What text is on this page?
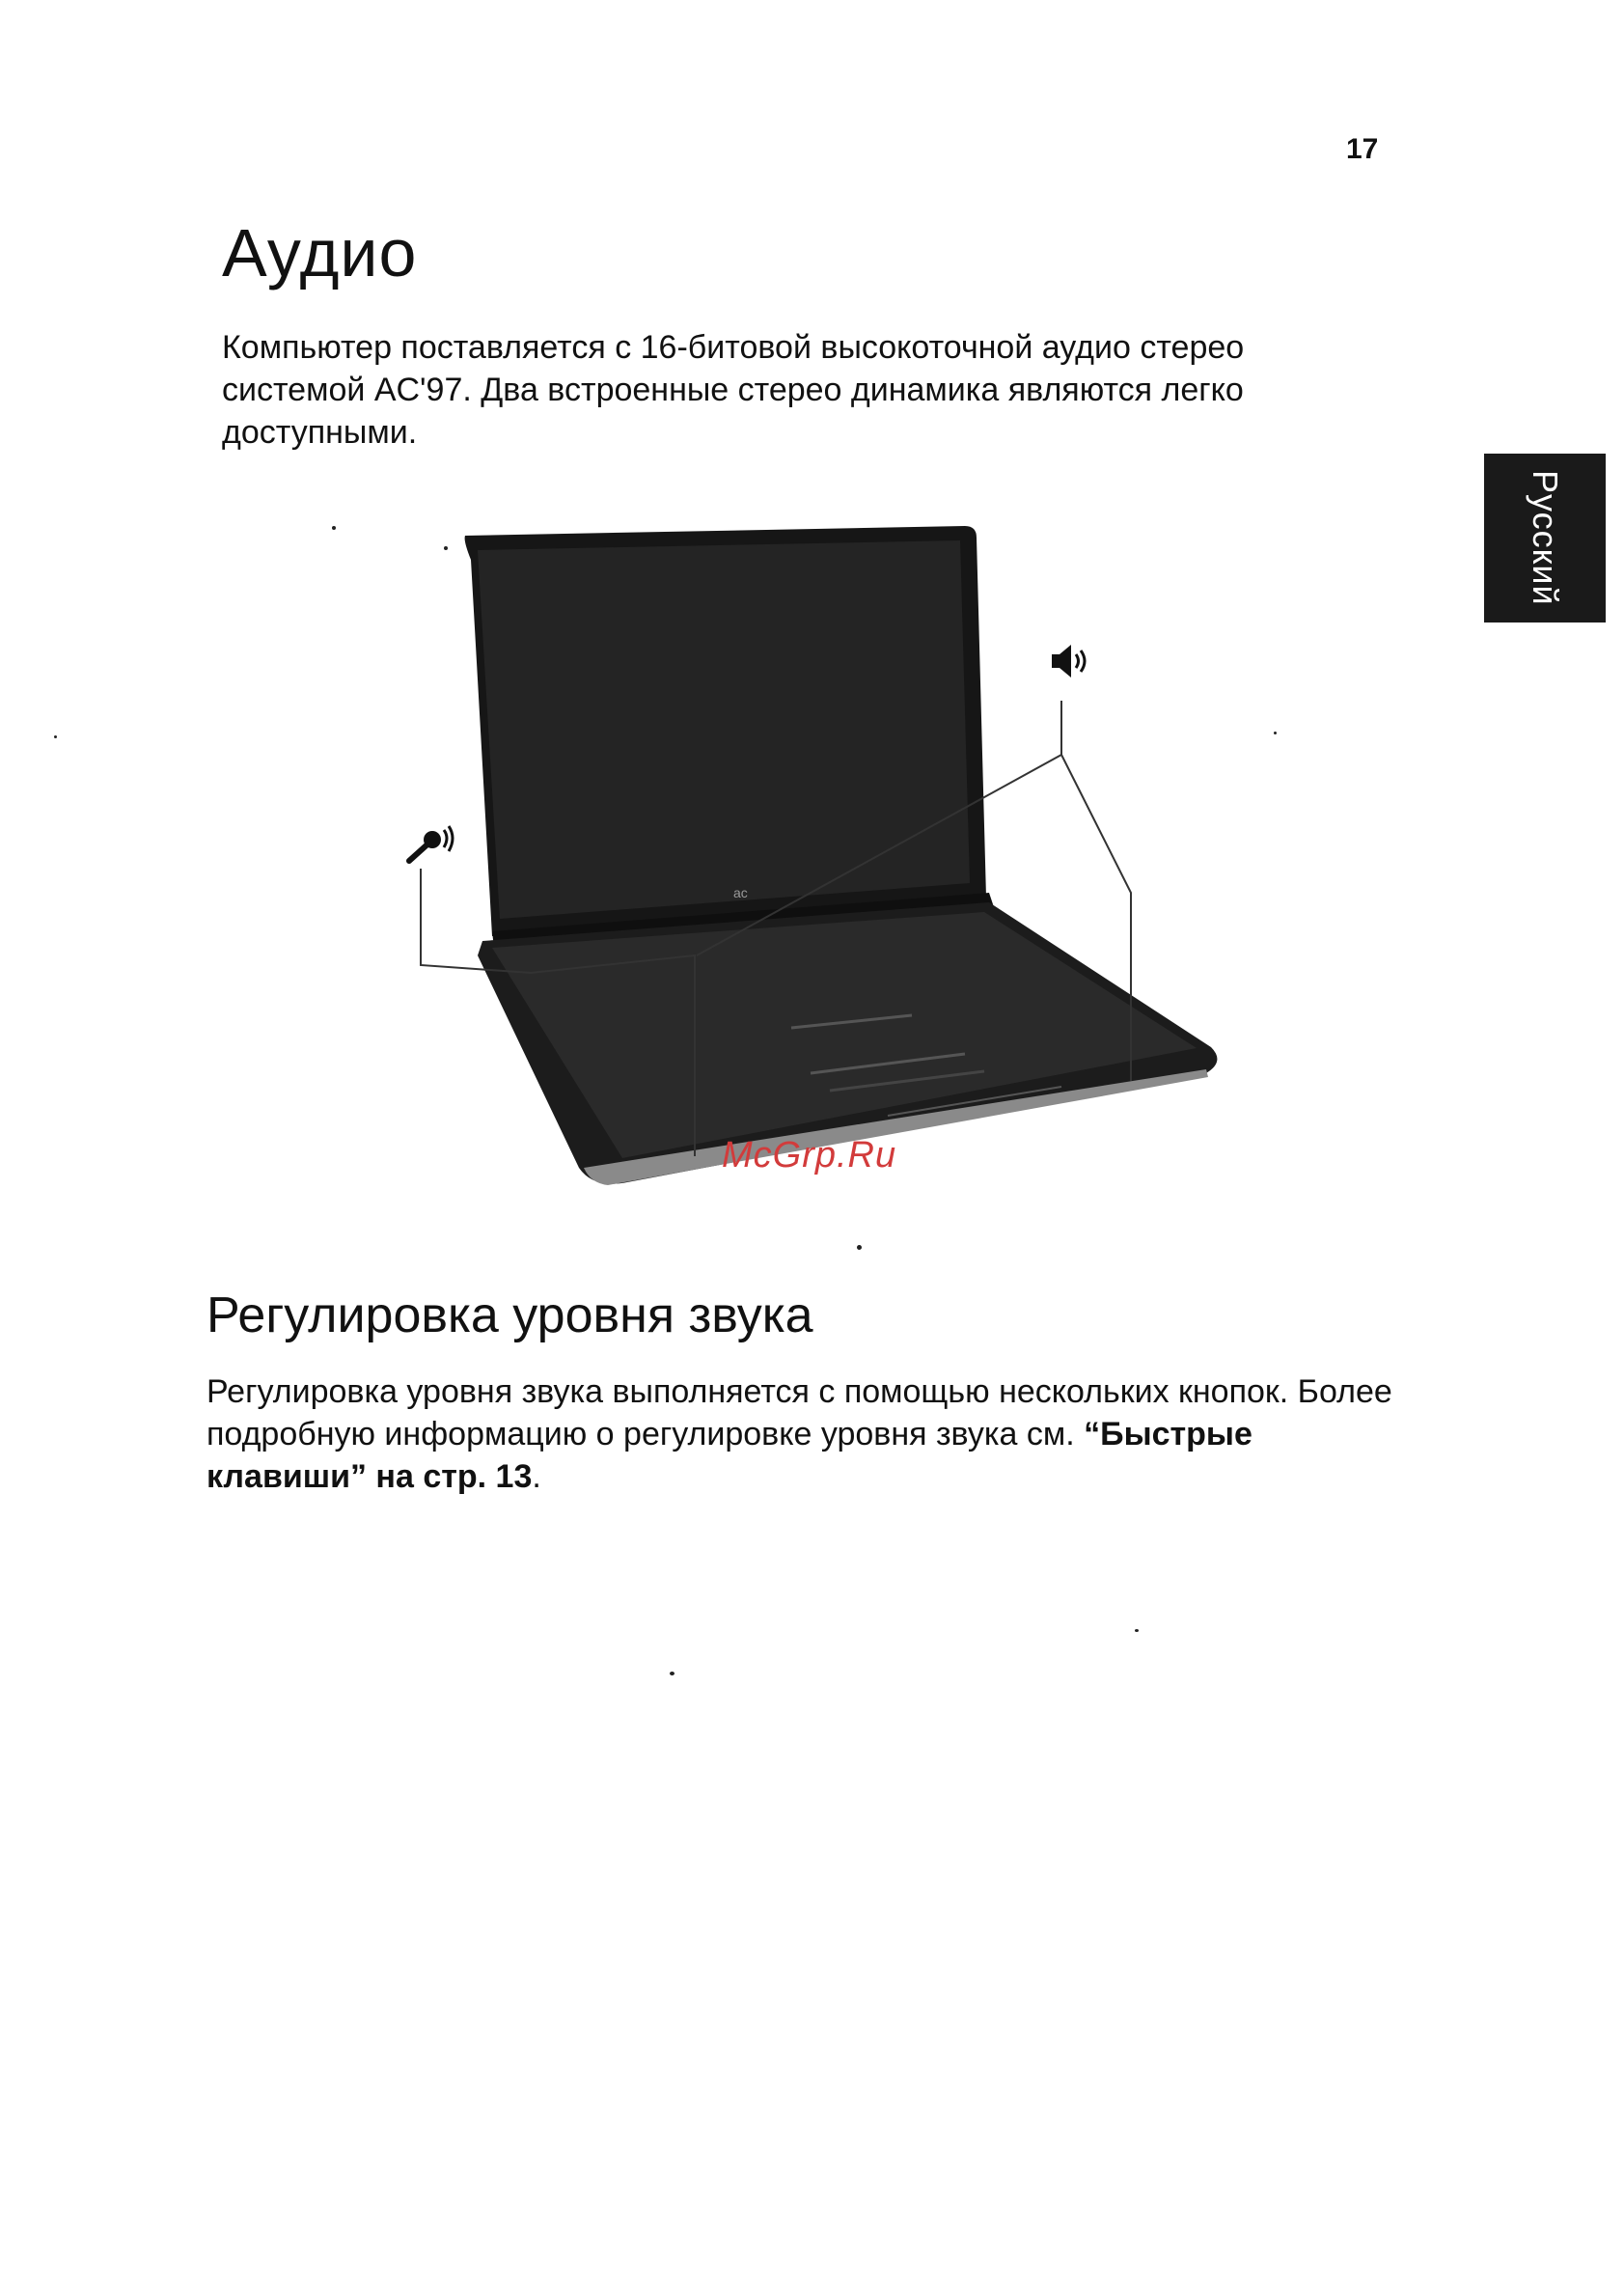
17
Аудио

Компьютер поставляется с 16-битовой высокоточной аудио стерео системой AC'97. Два встроенные стерео динамика являются легко доступными.

Русский
ac
McGrp.Ru
Регулировка уровня звука

Регулировка уровня звука выполняется с помощью нескольких кнопок. Более подробную информацию о регулировке уровня звука см. “Быстрые клавиши” на стр. 13.
